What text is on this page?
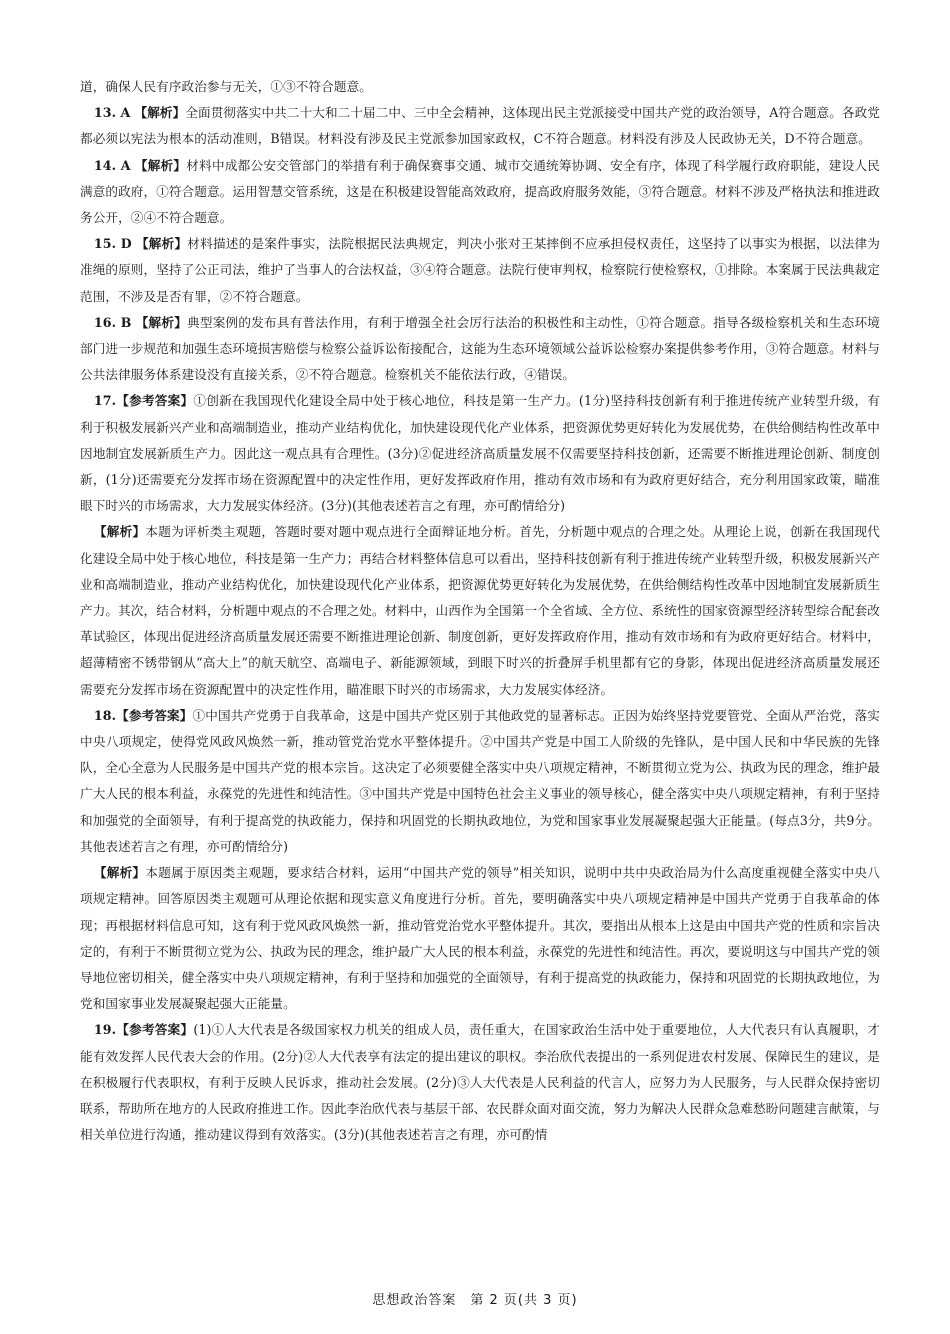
道，确保人民有序政治参与无关，①③不符合题意。

13. A 【解析】全面贯彻落实中共二十大和二十届二中、三中全会精神，这体现出民主党派接受中国共产党的政治领导，A符合题意。各政党都必须以宪法为根本的活动准则，B错误。材料没有涉及民主党派参加国家政权，C不符合题意。材料没有涉及人民政协无关，D不符合题意。

14. A 【解析】材料中成都公安交管部门的举措有利于确保赛事交通、城市交通统筹协调、安全有序，体现了科学履行政府职能，建设人民满意的政府，①符合题意。运用智慧交管系统，这是在积极建设智能高效政府，提高政府服务效能，③符合题意。材料不涉及严格执法和推进政务公开，②④不符合题意。

15. D 【解析】材料描述的是案件事实，法院根据民法典规定，判决小张对王某摔倒不应承担侵权责任，这坚持了以事实为根据，以法律为准绳的原则，坚持了公正司法，维护了当事人的合法权益，③④符合题意。法院行使审判权，检察院行使检察权，①排除。本案属于民法典裁定范围，不涉及是否有罪，②不符合题意。

16. B 【解析】典型案例的发布具有普法作用，有利于增强全社会厉行法治的积极性和主动性，①符合题意。指导各级检察机关和生态环境部门进一步规范和加强生态环境损害赔偿与检察公益诉讼衔接配合，这能为生态环境领域公益诉讼检察办案提供参考作用，③符合题意。材料与公共法律服务体系建设没有直接关系，②不符合题意。检察机关不能依法行政，④错误。

17.【参考答案】①创新在我国现代化建设全局中处于核心地位，科技是第一生产力。(1分)坚持科技创新有利于推进传统产业转型升级，有利于积极发展新兴产业和高端制造业，推动产业结构优化，加快建设现代化产业体系，把资源优势更好转化为发展优势，在供给侧结构性改革中因地制宜发展新质生产力。因此这一观点具有合理性。(3分)②促进经济高质量发展不仅需要坚持科技创新，还需要不断推进理论创新、制度创新，(1分)还需要充分发挥市场在资源配置中的决定性作用，更好发挥政府作用，推动有效市场和有为政府更好结合，充分利用国家政策，瞄准眼下时兴的市场需求，大力发展实体经济。(3分)(其他表述若言之有理，亦可酌情给分)

【解析】本题为评析类主观题，答题时要对题中观点进行全面辩证地分析。首先，分析题中观点的合理之处。从理论上说，创新在我国现代化建设全局中处于核心地位，科技是第一生产力；再结合材料整体信息可以看出，坚持科技创新有利于推进传统产业转型升级，积极发展新兴产业和高端制造业，推动产业结构优化，加快建设现代化产业体系，把资源优势更好转化为发展优势，在供给侧结构性改革中因地制宜发展新质生产力。其次，结合材料，分析题中观点的不合理之处。材料中，山西作为全国第一个全省域、全方位、系统性的国家资源型经济转型综合配套改革试验区，体现出促进经济高质量发展还需要不断推进理论创新、制度创新，更好发挥政府作用，推动有效市场和有为政府更好结合。材料中，超薄精密不锈带钢从“高大上”的航天航空、高端电子、新能源领域，到眼下时兴的折叠屏手机里都有它的身影，体现出促进经济高质量发展还需要充分发挥市场在资源配置中的决定性作用，瞄准眼下时兴的市场需求，大力发展实体经济。

18.【参考答案】①中国共产党勇于自我革命，这是中国共产党区别于其他政党的显著标志。正因为始终坚持党要管党、全面从严治党，落实中央八项规定，使得党风政风焕然一新，推动管党治党水平整体提升。②中国共产党是中国工人阶级的先锋队，是中国人民和中华民族的先锋队，全心全意为人民服务是中国共产党的根本宗旨。这决定了必须要健全落实中央八项规定精神，不断贯彻立党为公、执政为民的理念，维护最广大人民的根本利益，永葆党的先进性和纯洁性。③中国共产党是中国特色社会主义事业的领导核心，健全落实中央八项规定精神，有利于坚持和加强党的全面领导，有利于提高党的执政能力，保持和巩固党的长期执政地位，为党和国家事业发展凝聚起强大正能量。(每点3分，共9分。其他表述若言之有理，亦可酌情给分)

【解析】本题属于原因类主观题，要求结合材料，运用“中国共产党的领导”相关知识，说明中共中央政治局为什么高度重视健全落实中央八项规定精神。回答原因类主观题可从理论依据和现实意义角度进行分析。首先，要明确落实中央八项规定精神是中国共产党勇于自我革命的体现；再根据材料信息可知，这有利于党风政风焕然一新，推动管党治党水平整体提升。其次，要指出从根本上这是由中国共产党的性质和宗旨决定的，有利于不断贯彻立党为公、执政为民的理念，维护最广大人民的根本利益，永葆党的先进性和纯洁性。再次，要说明这与中国共产党的领导地位密切相关，健全落实中央八项规定精神，有利于坚持和加强党的全面领导，有利于提高党的执政能力，保持和巩固党的长期执政地位，为党和国家事业发展凝聚起强大正能量。

19.【参考答案】(1)①人大代表是各级国家权力机关的组成人员，责任重大，在国家政治生活中处于重要地位，人大代表只有认真履职，才能有效发挥人民代表大会的作用。(2分)②人大代表享有法定的提出建议的职权。李治欣代表提出的一系列促进农村发展、保障民生的建议，是在积极履行代表职权，有利于反映人民诉求，推动社会发展。(2分)③人大代表是人民利益的代言人，应努力为人民服务，与人民群众保持密切联系，帮助所在地方的人民政府推进工作。因此李治欣代表与基层干部、农民群众面对面交流，努力为解决人民群众急难愁盼问题建言献策，与相关单位进行沟通，推动建议得到有效落实。(3分)(其他表述若言之有理，亦可酌情

思想政治答案　第 2 页(共 3 页)
